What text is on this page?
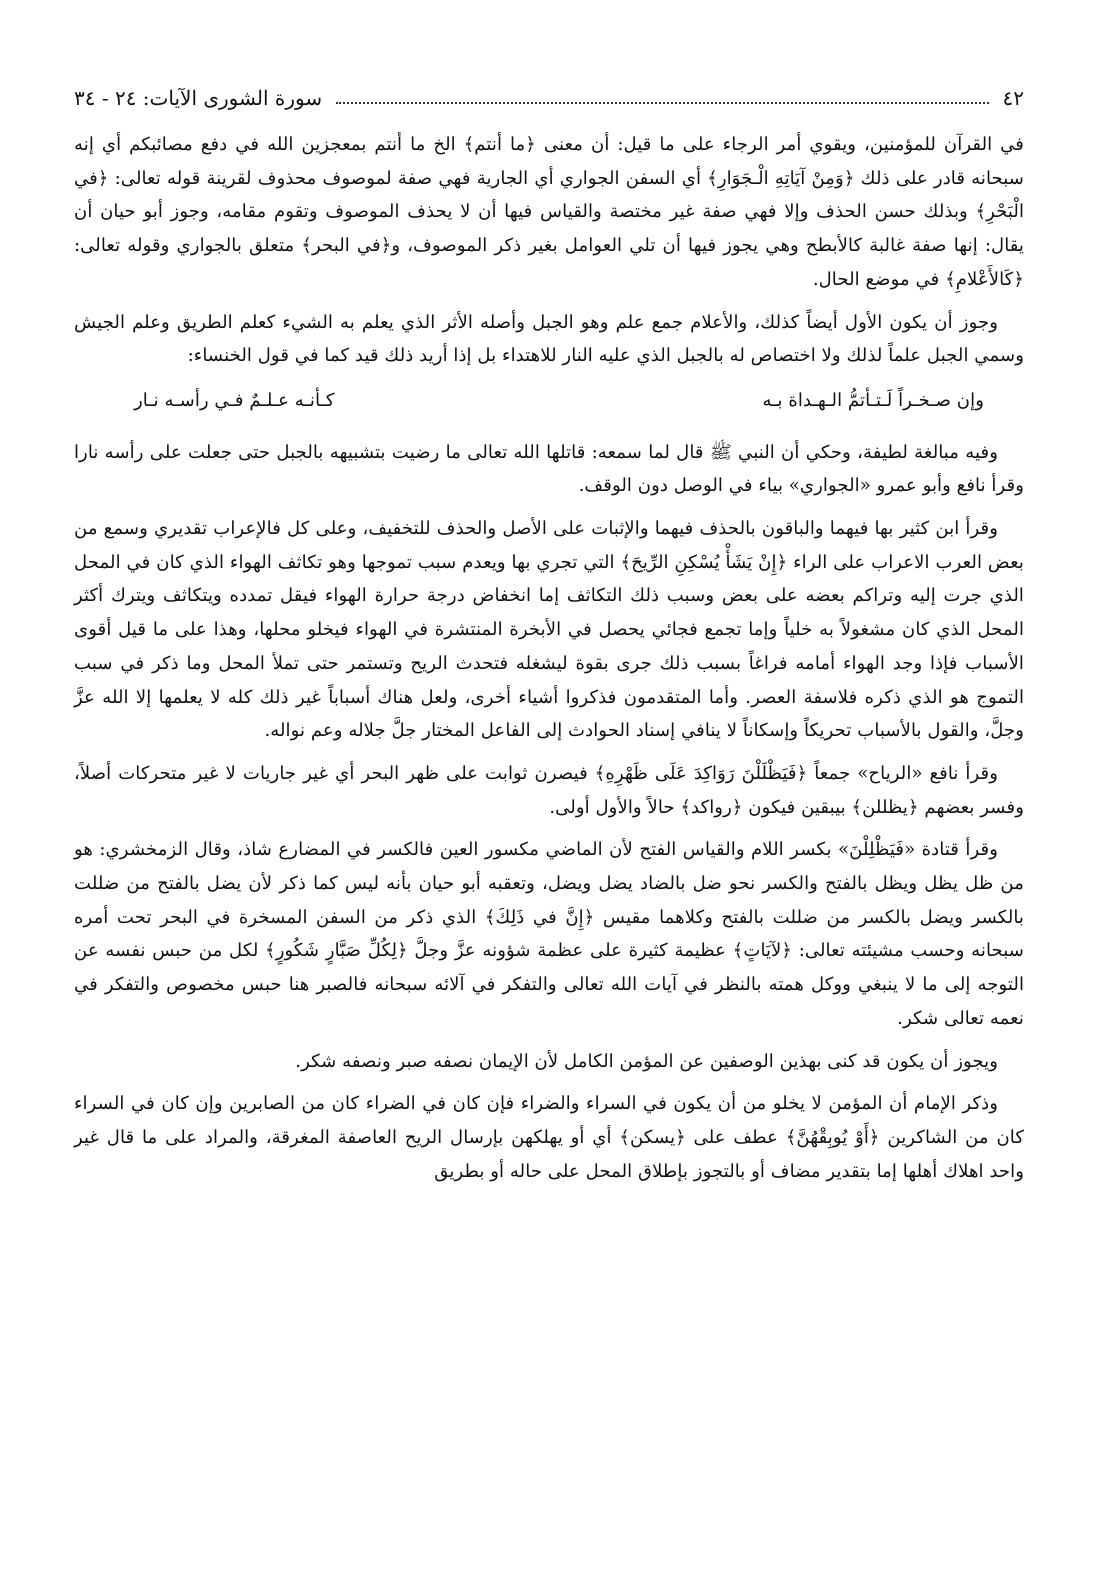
٤٢
سورة الشورى الآيات: ٢٤ - ٣٤

في القرآن للمؤمنين، ويقوي أمر الرجاء على ما قيل: أن معنى ﴿ما أنتم﴾ الخ ما أنتم بمعجزين الله في دفع مصائبكم أي إنه سبحانه قادر على ذلك ﴿وَمِنْ آيَاتِهِ الْـجَوَارِ﴾ أي السفن الجواري أي الجارية فهي صفة لموصوف محذوف لقرينة قوله تعالى: ﴿في الْبَحْرِ﴾ وبذلك حسن الحذف وإلا فهي صفة غير مختصة والقياس فيها أن لا يحذف الموصوف وتقوم مقامه، وجوز أبو حيان أن يقال: إنها صفة غالبة كالأبطح وهي يجوز فيها أن تلي العوامل بغير ذكر الموصوف، و﴿في البحر﴾ متعلق بالجواري وقوله تعالى: ﴿كَالأَعْلامِ﴾ في موضع الحال.

وجوز أن يكون الأول أيضاً كذلك، والأعلام جمع علم وهو الجبل وأصله الأثر الذي يعلم به الشيء كعلم الطريق وعلم الجيش وسمي الجبل علماً لذلك ولا اختصاص له بالجبل الذي عليه النار للاهتداء بل إذا أريد ذلك قيد كما في قول الخنساء:

وإن صـخـراً لَـتـأتمُّ الـهـداة بـه
كـأنـه عـلـمٌ فـي رأسـه نـار

وفيه مبالغة لطيفة، وحكي أن النبي ﷺ قال لما سمعه: قاتلها الله تعالى ما رضيت بتشبيهه بالجبل حتى جعلت على رأسه نارا وقرأ نافع وأبو عمرو «الجواري» بياء في الوصل دون الوقف.

وقرأ ابن كثير بها فيهما والباقون بالحذف فيهما والإثبات على الأصل والحذف للتخفيف، وعلى كل فالإعراب تقديري وسمع من بعض العرب الاعراب على الراء ﴿إِنْ يَشَأْ يُسْكِنِ الرِّيحَ﴾ التي تجري بها ويعدم سبب تموجها وهو تكاثف الهواء الذي كان في المحل الذي جرت إليه وتراكم بعضه على بعض وسبب ذلك التكاثف إما انخفاض درجة حرارة الهواء فيقل تمدده ويتكاثف ويترك أكثر المحل الذي كان مشغولاً به خلياً وإما تجمع فجائي يحصل في الأبخرة المنتشرة في الهواء فيخلو محلها، وهذا على ما قيل أقوى الأسباب فإذا وجد الهواء أمامه فراغاً بسبب ذلك جرى بقوة ليشغله فتحدث الريح وتستمر حتى تملأ المحل وما ذكر في سبب التموج هو الذي ذكره فلاسفة العصر. وأما المتقدمون فذكروا أشياء أخرى، ولعل هناك أسباباً غير ذلك كله لا يعلمها إلا الله عزَّ وجلَّ، والقول بالأسباب تحريكاً وإسكاناً لا ينافي إسناد الحوادث إلى الفاعل المختار جلَّ جلاله وعم نواله.

وقرأ نافع «الرياح» جمعاً ﴿فَيَظْلَلْنَ رَوَاكِدَ عَلَى ظَهْرِهِ﴾ فيصرن ثوابت على ظهر البحر أي غير جاريات لا غير متحركات أصلاً، وفسر بعضهم ﴿يظللن﴾ بيبقين فيكون ﴿رواكد﴾ حالاً والأول أولى.

وقرأ قتادة «فَيَظْلِلْنَ» بكسر اللام والقياس الفتح لأن الماضي مكسور العين فالكسر في المضارع شاذ، وقال الزمخشري: هو من ظل يظل ويظل بالفتح والكسر نحو ضل بالضاد يضل ويضل، وتعقبه أبو حيان بأنه ليس كما ذكر لأن يضل بالفتح من ضللت بالكسر ويضل بالكسر من ضللت بالفتح وكلاهما مقيس ﴿إِنَّ في ذَلِكَ﴾ الذي ذكر من السفن المسخرة في البحر تحت أمره سبحانه وحسب مشيئته تعالى: ﴿لآيَاتٍ﴾ عظيمة كثيرة على عظمة شؤونه عزَّ وجلَّ ﴿لِكُلِّ صَبَّارٍ شَكُورٍ﴾ لكل من حبس نفسه عن التوجه إلى ما لا ينبغي ووكل همته بالنظر في آيات الله تعالى والتفكر في آلائه سبحانه فالصبر هنا حبس مخصوص والتفكر في نعمه تعالى شكر.

ويجوز أن يكون قد كنى بهذين الوصفين عن المؤمن الكامل لأن الإيمان نصفه صبر ونصفه شكر.

وذكر الإمام أن المؤمن لا يخلو من أن يكون في السراء والضراء فإن كان في الضراء كان من الصابرين وإن كان في السراء كان من الشاكرين ﴿أَوْ يُوبِقْهُنَّ﴾ عطف على ﴿يسكن﴾ أي أو يهلكهن بإرسال الريح العاصفة المغرقة، والمراد على ما قال غير واحد اهلاك أهلها إما بتقدير مضاف أو بالتجوز بإطلاق المحل على حاله أو بطريق
